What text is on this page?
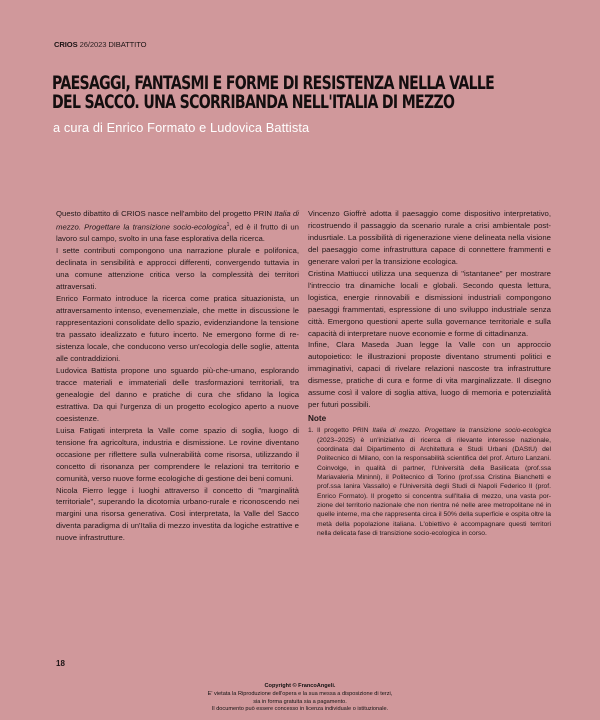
CRIOS 26/2023 DIBATTITO
PAESAGGI, FANTASMI E FORME DI RESISTENZA NELLA VALLE
DEL SACCO. UNA SCORRIBANDA NELL'ITALIA DI MEZZO
a cura di Enrico Formato e Ludovica Battista

Questo dibattito di CRIOS nasce nell'ambito del progetto PRIN Italia di mezzo. Progettare la transizione socio-ecologica$^1$, ed è il frutto di un lavoro sul campo, svolto in una fase esplorativa della ricerca.

I sette contributi compongono una narrazione plurale e polifonica, declinata in sensibilità e approcci differenti, convergendo tuttavia in una comune attenzione critica verso la complessità dei territori attraversati.

Enrico Formato introduce la ricerca come pratica situazionista, un attraversamento intenso, evenemenziale, che mette in discussione le rappresentazioni consolidate dello spazio, evidenziandone la tensione tra passato idealizzato e futuro incerto. Ne emergono forme di resistenza locale, che conducono verso un'ecologia delle soglie, attenta alle contraddizioni.

Ludovica Battista propone uno sguardo più-che-umano, esplorando tracce materiali e immateriali delle trasformazioni territoriali, tra genealogie del danno e pratiche di cura che sfidano la logica estrattiva. Da qui l'urgenza di un progetto ecologico aperto a nuove coesistenze.

Luisa Fatigati interpreta la Valle come spazio di soglia, luogo di tensione fra agricoltura, industria e dismissione. Le rovine diventano occasione per riflettere sulla vulnerabilità come risorsa, utilizzando il concetto di risonanza per comprendere le relazioni tra territorio e comunità, verso nuove forme ecologiche di gestione dei beni comuni.

Nicola Fierro legge i luoghi attraverso il concetto di "marginalità territoriale", superando la dicotomia urbano-rurale e riconoscendo nei margini una risorsa generativa. Così interpretata, la Valle del Sacco diventa paradigma di un'Italia di mezzo investita da logiche estrattive e nuove infrastrutture.

Vincenzo Gioffrè adotta il paesaggio come dispositivo interpretativo, ricostruendo il passaggio da scenario rurale a crisi ambientale post-indusrtiale. La possibilità di rigenerazione viene delineata nella visione del paesaggio come infrastruttura capace di connettere frammenti e generare valori per la transizione ecologica.

Cristina Mattiucci utilizza una sequenza di "istantanee" per mostrare l'intreccio tra dinamiche locali e globali. Secondo questa lettura, logistica, energie rinnovabili e dismissioni industriali compongono paesaggi frammentati, espressione di uno sviluppo industriale senza città. Emergono questioni aperte sulla governance territoriale e sulla capacità di interpretare nuove economie e forme di cittadinanza.

Infine, Clara Maseda Juan legge la Valle con un approccio autopoietico: le illustrazioni proposte diventano strumenti politici e immaginativi, capaci di rivelare relazioni nascoste tra infrastrutture dismesse, pratiche di cura e forme di vita marginalizzate. Il disegno assume così il valore di soglia attiva, luogo di memoria e potenzialità per futuri possibili.

Note
1. Il progetto PRIN Italia di mezzo. Progettare la transizione socio-ecologica (2023–2025) è un'iniziativa di ricerca di rilevante interesse nazionale, coordinata dal Dipartimento di Architettura e Studi Urbani (DAStU) del Politecnico di Milano, con la responsabilità scientifica del prof. Arturo Lanzani. Coinvolge, in qualità di partner, l'Università della Basilicata (prof.ssa Mariavaleria Mininni), il Politecnico di Torino (prof.ssa Cristina Bianchetti e prof.ssa Ianira Vassallo) e l'Università degli Studi di Napoli Federico II (prof. Enrico Formato). Il progetto si concentra sull'Italia di mezzo, una vasta porzione del territorio nazionale che non rientra né nelle aree metropolitane né in quelle interne, ma che rappresenta circa il 50% della superficie e ospita oltre la metà della popolazione italiana. L'obiettivo è accompagnare questi territori nella delicata fase di transizione socio-ecologica in corso.
18
Copyright © FrancoAngeli.
E' vietata la Riproduzione dell'opera e la sua messa a disposizione di terzi,
sia in forma gratuita sia a pagamento.
Il documento può essere concesso in licenza individuale o istituzionale.
